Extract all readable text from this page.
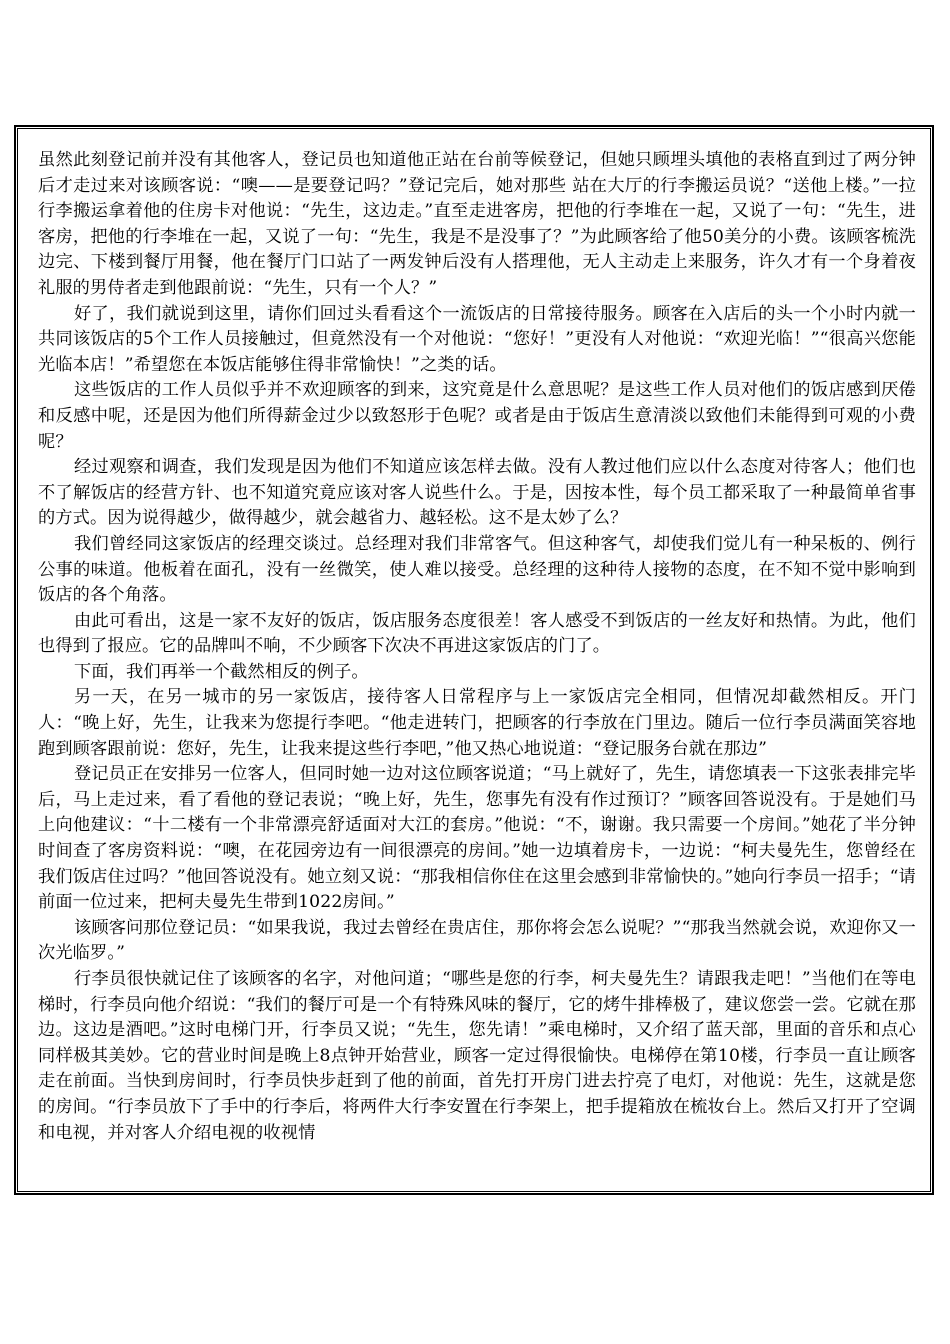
虽然此刻登记前并没有其他客人，登记员也知道他正站在台前等候登记，但她只顾埋头填他的表格直到过了两分钟后才走过来对该顾客说：“噢——是要登记吗？”登记完后，她对那些 站在大厅的行李搬运员说？“送他上楼。”一拉行李搬运拿着他的住房卡对他说：“先生，这边走。”直至走进客房，把他的行李堆在一起，又说了一句：“先生，进客房，把他的行李堆在一起，又说了一句：“先生，我是不是没事了？”为此顾客给了他50美分的小费。该顾客梳洗边完、下楼到餐厅用餐，他在餐厅门口站了一两发钟后没有人搭理他，无人主动走上来服务，许久才有一个身着夜礼服的男侍者走到他跟前说：“先生，只有一个人？”

好了，我们就说到这里，请你们回过头看看这个一流饭店的日常接待服务。顾客在入店后的头一个小时内就一共同该饭店的5个工作人员接触过，但竟然没有一个对他说：“您好！”更没有人对他说：“欢迎光临！”“很高兴您能光临本店！”希望您在本饭店能够住得非常愉快！”之类的话。

这些饭店的工作人员似乎并不欢迎顾客的到来，这究竟是什么意思呢？是这些工作人员对他们的饭店感到厌倦和反感中呢，还是因为他们所得薪金过少以致怒形于色呢？或者是由于饭店生意清淡以致他们未能得到可观的小费呢？

经过观察和调查，我们发现是因为他们不知道应该怎样去做。没有人教过他们应以什么态度对待客人；他们也不了解饭店的经营方针、也不知道究竟应该对客人说些什么。于是，因按本性，每个员工都采取了一种最简单省事的方式。因为说得越少，做得越少，就会越省力、越轻松。这不是太妙了么？

我们曾经同这家饭店的经理交谈过。总经理对我们非常客气。但这种客气，却使我们觉儿有一种呆板的、例行公事的味道。他板着在面孔，没有一丝微笑，使人难以接受。总经理的这种待人接物的态度，在不知不觉中影响到饭店的各个角落。

由此可看出，这是一家不友好的饭店，饭店服务态度很差！客人感受不到饭店的一丝友好和热情。为此，他们也得到了报应。它的品牌叫不响，不少顾客下次决不再进这家饭店的门了。

下面，我们再举一个截然相反的例子。

另一天，在另一城市的另一家饭店，接待客人日常程序与上一家饭店完全相同，但情况却截然相反。开门人：“晚上好，先生，让我来为您提行李吧。“他走进转门，把顾客的行李放在门里边。随后一位行李员满面笑容地跑到顾客跟前说：您好，先生，让我来提这些行李吧，”他又热心地说道：“登记服务台就在那边”

登记员正在安排另一位客人，但同时她一边对这位顾客说道；“马上就好了，先生，请您填表一下这张表排完毕后，马上走过来，看了看他的登记表说；“晚上好，先生，您事先有没有作过预订？”顾客回答说没有。于是她们马上向他建议：“十二楼有一个非常漂亮舒适面对大江的套房。”他说：“不，谢谢。我只需要一个房间。”她花了半分钟时间查了客房资料说：“噢，在花园旁边有一间很漂亮的房间。”她一边填着房卡，一边说：“柯夫曼先生，您曾经在我们饭店住过吗？”他回答说没有。她立刻又说：“那我相信你住在这里会感到非常愉快的。”她向行李员一招手；“请前面一位过来，把柯夫曼先生带到1022房间。”

该顾客问那位登记员：“如果我说，我过去曾经在贵店住，那你将会怎么说呢？”“那我当然就会说，欢迎你又一次光临罗。”

行李员很快就记住了该顾客的名字，对他问道；“哪些是您的行李，柯夫曼先生？请跟我走吧！”当他们在等电梯时，行李员向他介绍说：“我们的餐厅可是一个有特殊风味的餐厅，它的烤牛排棒极了，建议您尝一尝。它就在那边。这边是酒吧。”这时电梯门开，行李员又说；“先生，您先请！”乘电梯时，又介绍了蓝天部，里面的音乐和点心同样极其美妙。它的营业时间是晚上8点钟开始营业，顾客一定过得很愉快。电梯停在第10楼，行李员一直让顾客走在前面。当快到房间时，行李员快步赶到了他的前面，首先打开房门进去拧亮了电灯，对他说：先生，这就是您的房间。“行李员放下了手中的行李后，将两件大行李安置在行李架上，把手提箱放在梳妆台上。然后又打开了空调和电视，并对客人介绍电视的收视情
